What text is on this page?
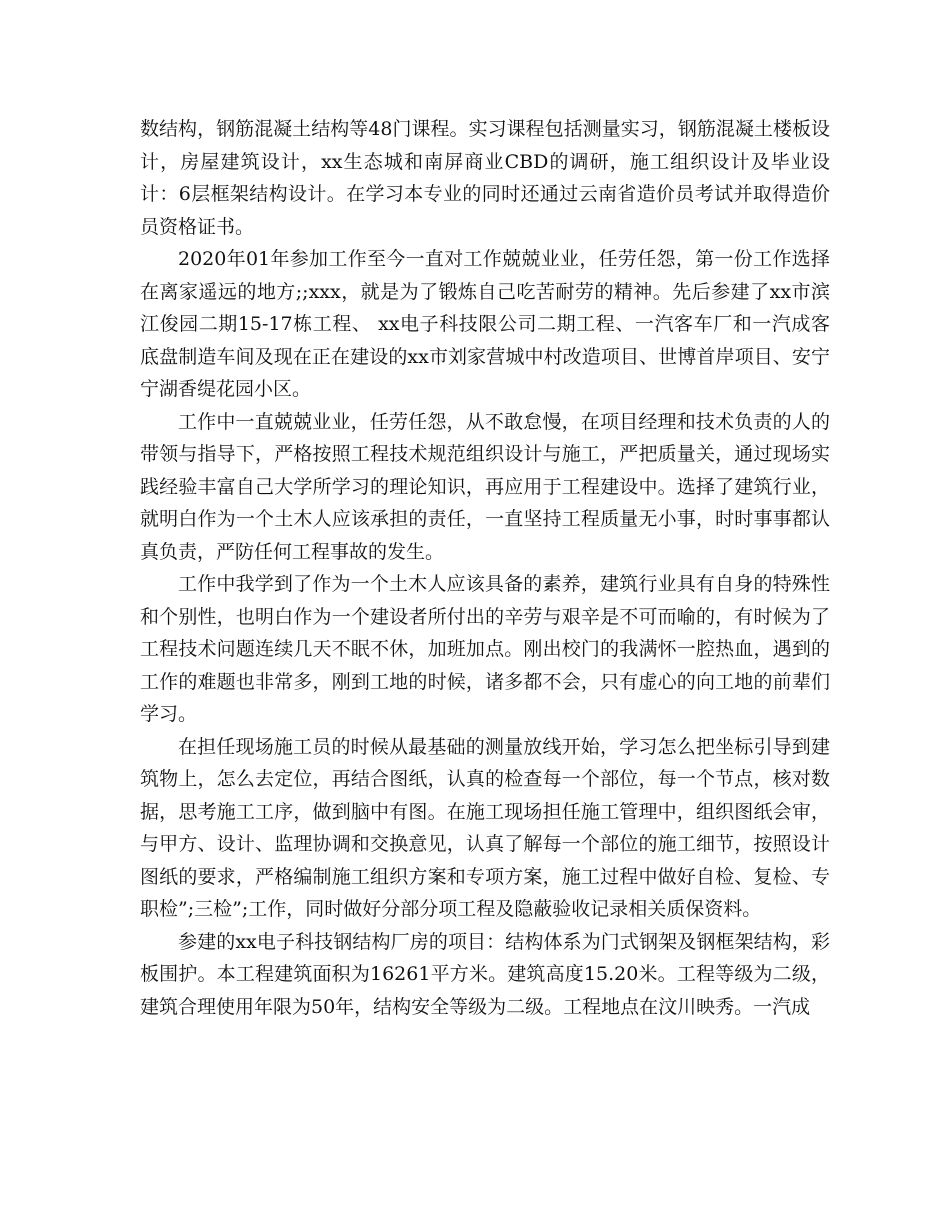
数结构，钢筋混凝土结构等48门课程。实习课程包括测量实习，钢筋混凝土楼板设计，房屋建筑设计，xx生态城和南屏商业CBD的调研，施工组织设计及毕业设计：6层框架结构设计。在学习本专业的同时还通过云南省造价员考试并取得造价员资格证书。

2020年01年参加工作至今一直对工作兢兢业业，任劳任怨，第一份工作选择在离家遥远的地方;;xxx，就是为了锻炼自己吃苦耐劳的精神。先后参建了xx市滨江俊园二期15-17栋工程、 xx电子科技限公司二期工程、一汽客车厂和一汽成客底盘制造车间及现在正在建设的xx市刘家营城中村改造项目、世博首岸项目、安宁宁湖香缇花园小区。

工作中一直兢兢业业，任劳任怨，从不敢怠慢，在项目经理和技术负责的人的带领与指导下，严格按照工程技术规范组织设计与施工，严把质量关，通过现场实践经验丰富自己大学所学习的理论知识，再应用于工程建设中。选择了建筑行业，就明白作为一个土木人应该承担的责任，一直坚持工程质量无小事，时时事事都认真负责，严防任何工程事故的发生。

工作中我学到了作为一个土木人应该具备的素养，建筑行业具有自身的特殊性和个别性，也明白作为一个建设者所付出的辛劳与艰辛是不可而喻的，有时候为了工程技术问题连续几天不眠不休，加班加点。刚出校门的我满怀一腔热血，遇到的工作的难题也非常多，刚到工地的时候，诸多都不会，只有虚心的向工地的前辈们学习。

在担任现场施工员的时候从最基础的测量放线开始，学习怎么把坐标引导到建筑物上，怎么去定位，再结合图纸，认真的检查每一个部位，每一个节点，核对数据，思考施工工序，做到脑中有图。在施工现场担任施工管理中，组织图纸会审，与甲方、设计、监理协调和交换意见，认真了解每一个部位的施工细节，按照设计图纸的要求，严格编制施工组织方案和专项方案，施工过程中做好自检、复检、专职检”;三检”;工作，同时做好分部分项工程及隐蔽验收记录相关质保资料。

参建的xx电子科技钢结构厂房的项目：结构体系为门式钢架及钢框架结构，彩板围护。本工程建筑面积为16261平方米。建筑高度15.20米。工程等级为二级，建筑合理使用年限为50年，结构安全等级为二级。工程地点在汶川映秀。一汽成
